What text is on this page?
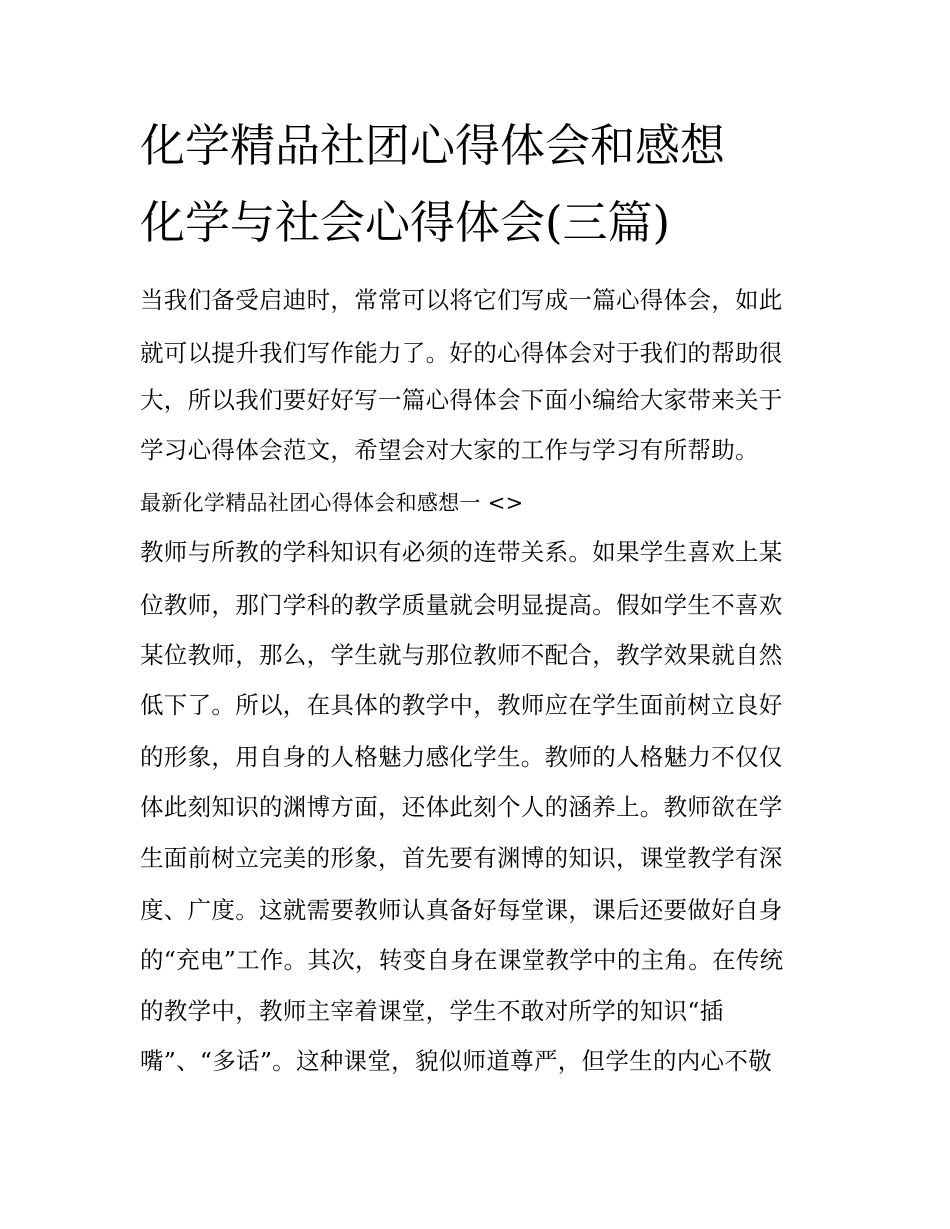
化学精品社团心得体会和感想
化学与社会心得体会(三篇)
当我们备受启迪时，常常可以将它们写成一篇心得体会，如此
就可以提升我们写作能力了。好的心得体会对于我们的帮助很
大，所以我们要好好写一篇心得体会下面小编给大家带来关于
学习心得体会范文，希望会对大家的工作与学习有所帮助。
最新化学精品社团心得体会和感想一 <>
教师与所教的学科知识有必须的连带关系。如果学生喜欢上某
位教师，那门学科的教学质量就会明显提高。假如学生不喜欢
某位教师，那么，学生就与那位教师不配合，教学效果就自然
低下了。所以，在具体的教学中，教师应在学生面前树立良好
的形象，用自身的人格魅力感化学生。教师的人格魅力不仅仅
体此刻知识的渊博方面，还体此刻个人的涵养上。教师欲在学
生面前树立完美的形象，首先要有渊博的知识，课堂教学有深
度、广度。这就需要教师认真备好每堂课，课后还要做好自身
的“充电”工作。其次，转变自身在课堂教学中的主角。在传统
的教学中，教师主宰着课堂，学生不敢对所学的知识“插
嘴”、“多话”。这种课堂，貌似师道尊严，但学生的内心不敬
